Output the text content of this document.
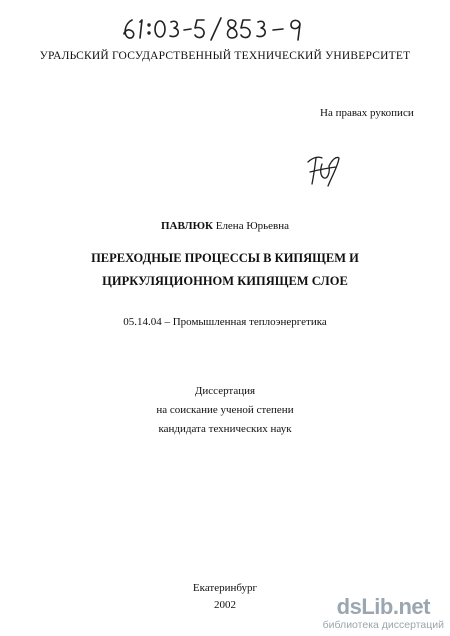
УРАЛЬСКИЙ ГОСУДАРСТВЕННЫЙ ТЕХНИЧЕСКИЙ УНИВЕРСИТЕТ
На правах рукописи
ПАВЛЮК Елена Юрьевна
ПЕРЕХОДНЫЕ ПРОЦЕССЫ В КИПЯЩЕМ И
ЦИРКУЛЯЦИОННОМ КИПЯЩЕМ СЛОЕ
05.14.04 – Промышленная теплоэнергетика
Диссертация
на соискание ученой степени
кандидата технических наук
Екатеринбург
2002	dsLib.net
библиотека диссертаций
